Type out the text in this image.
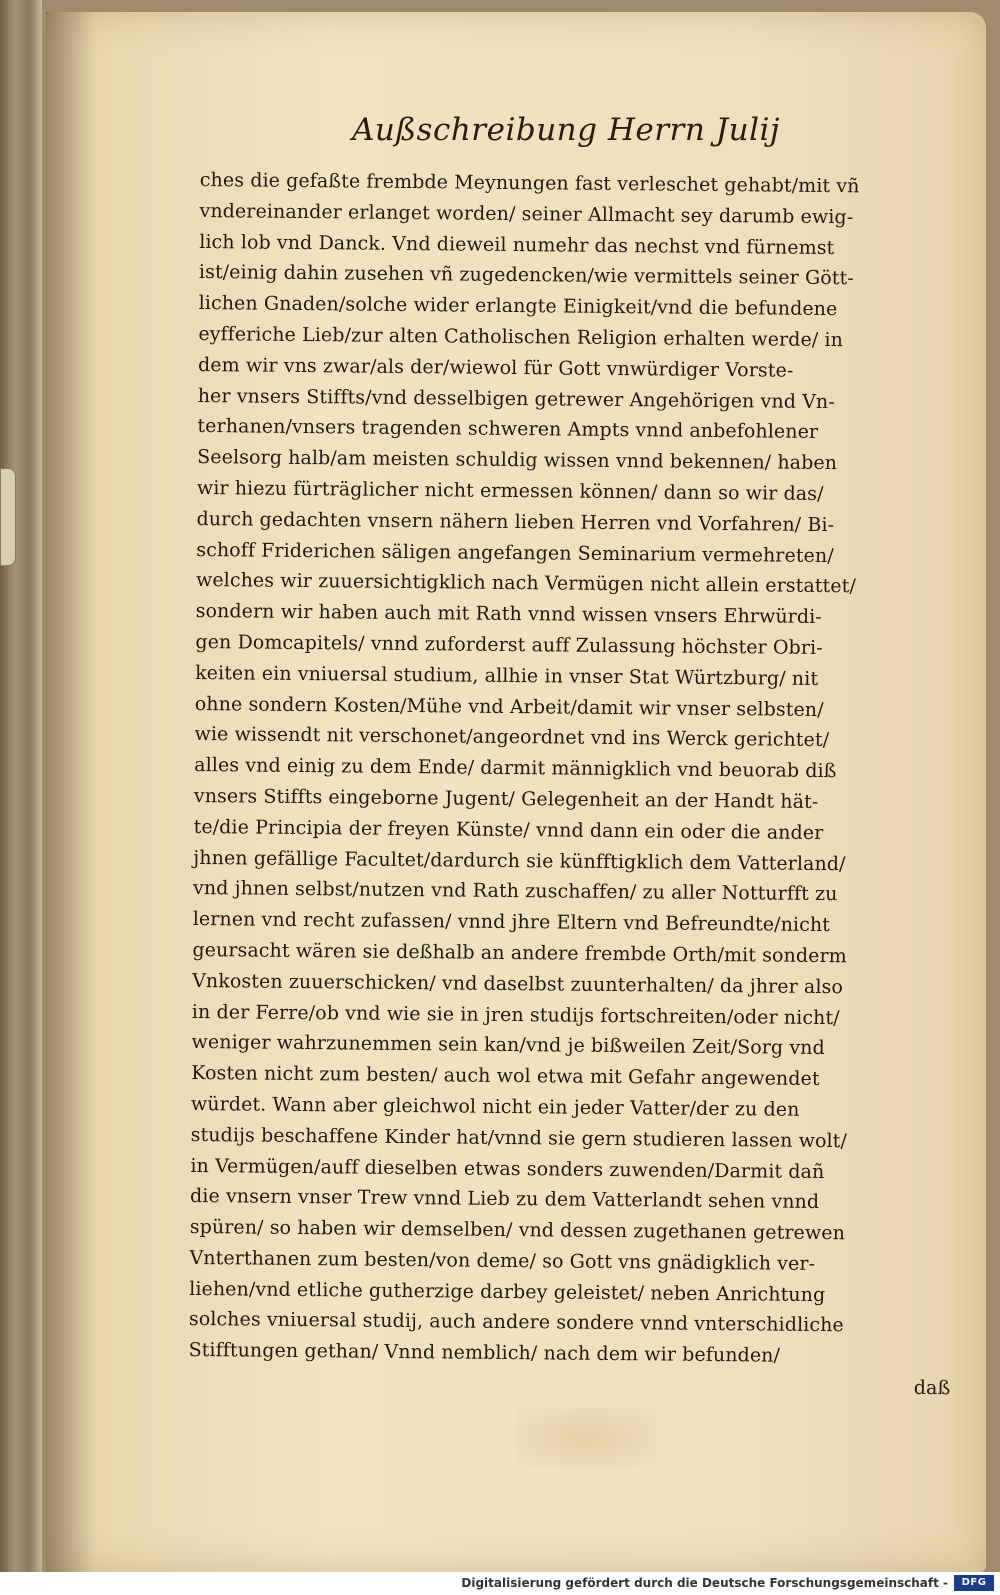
Außschreibung Herrn Julij
ches die gefaßte frembde Meynungen fast verleschet gehabt/mit vñ
vndereinander erlanget worden/ seiner Allmacht sey darumb ewig-
lich lob vnd Danck. Vnd dieweil numehr das nechst vnd fürnemst
ist/einig dahin zusehen vñ zugedencken/wie vermittels seiner Gött-
lichen Gnaden/solche wider erlangte Einigkeit/vnd die befundene
eyfferiche Lieb/zur alten Catholischen Religion erhalten werde/ in
dem wir vns zwar/als der/wiewol für Gott vnwürdiger Vorste-
her vnsers Stiffts/vnd desselbigen getrewer Angehörigen vnd Vn-
terhanen/vnsers tragenden schweren Ampts vnnd anbefohlener
Seelsorg halb/am meisten schuldig wissen vnnd bekennen/ haben
wir hiezu fürträglicher nicht ermessen können/ dann so wir das/
durch gedachten vnsern nähern lieben Herren vnd Vorfahren/ Bi-
schoff Friderichen säligen angefangen Seminarium vermehreten/
welches wir zuuersichtigklich nach Vermügen nicht allein erstattet/
sondern wir haben auch mit Rath vnnd wissen vnsers Ehrwürdi-
gen Domcapitels/ vnnd zuforderst auff Zulassung höchster Obri-
keiten ein vniuersal studium, allhie in vnser Stat Würtzburg/ nit
ohne sondern Kosten/Mühe vnd Arbeit/damit wir vnser selbsten/
wie wissendt nit verschonet/angeordnet vnd ins Werck gerichtet/
alles vnd einig zu dem Ende/ darmit männigklich vnd beuorab diß
vnsers Stiffts eingeborne Jugent/ Gelegenheit an der Handt hät-
te/die Principia der freyen Künste/ vnnd dann ein oder die ander
jhnen gefällige Facultet/dardurch sie künfftigklich dem Vatterland/
vnd jhnen selbst/nutzen vnd Rath zuschaffen/ zu aller Notturfft zu
lernen vnd recht zufassen/ vnnd jhre Eltern vnd Befreundte/nicht
geursacht wären sie deßhalb an andere frembde Orth/mit sonderm
Vnkosten zuuerschicken/ vnd daselbst zuunterhalten/ da jhrer also
in der Ferre/ob vnd wie sie in jren studijs fortschreiten/oder nicht/
weniger wahrzunemmen sein kan/vnd je bißweilen Zeit/Sorg vnd
Kosten nicht zum besten/ auch wol etwa mit Gefahr angewendet
würdet. Wann aber gleichwol nicht ein jeder Vatter/der zu den
studijs beschaffene Kinder hat/vnnd sie gern studieren lassen wolt/
in Vermügen/auff dieselben etwas sonders zuwenden/Darmit dañ
die vnsern vnser Trew vnnd Lieb zu dem Vatterlandt sehen vnnd
spüren/ so haben wir demselben/ vnd dessen zugethanen getrewen
Vnterthanen zum besten/von deme/ so Gott vns gnädigklich ver-
liehen/vnd etliche gutherzige darbey geleistet/ neben Anrichtung
solches vniuersal studij, auch andere sondere vnnd vnterschidliche
Stifftungen gethan/ Vnnd nemblich/ nach dem wir befunden/
daß
Digitalisierung gefördert durch die Deutsche Forschungsgemeinschaft -	DFG
